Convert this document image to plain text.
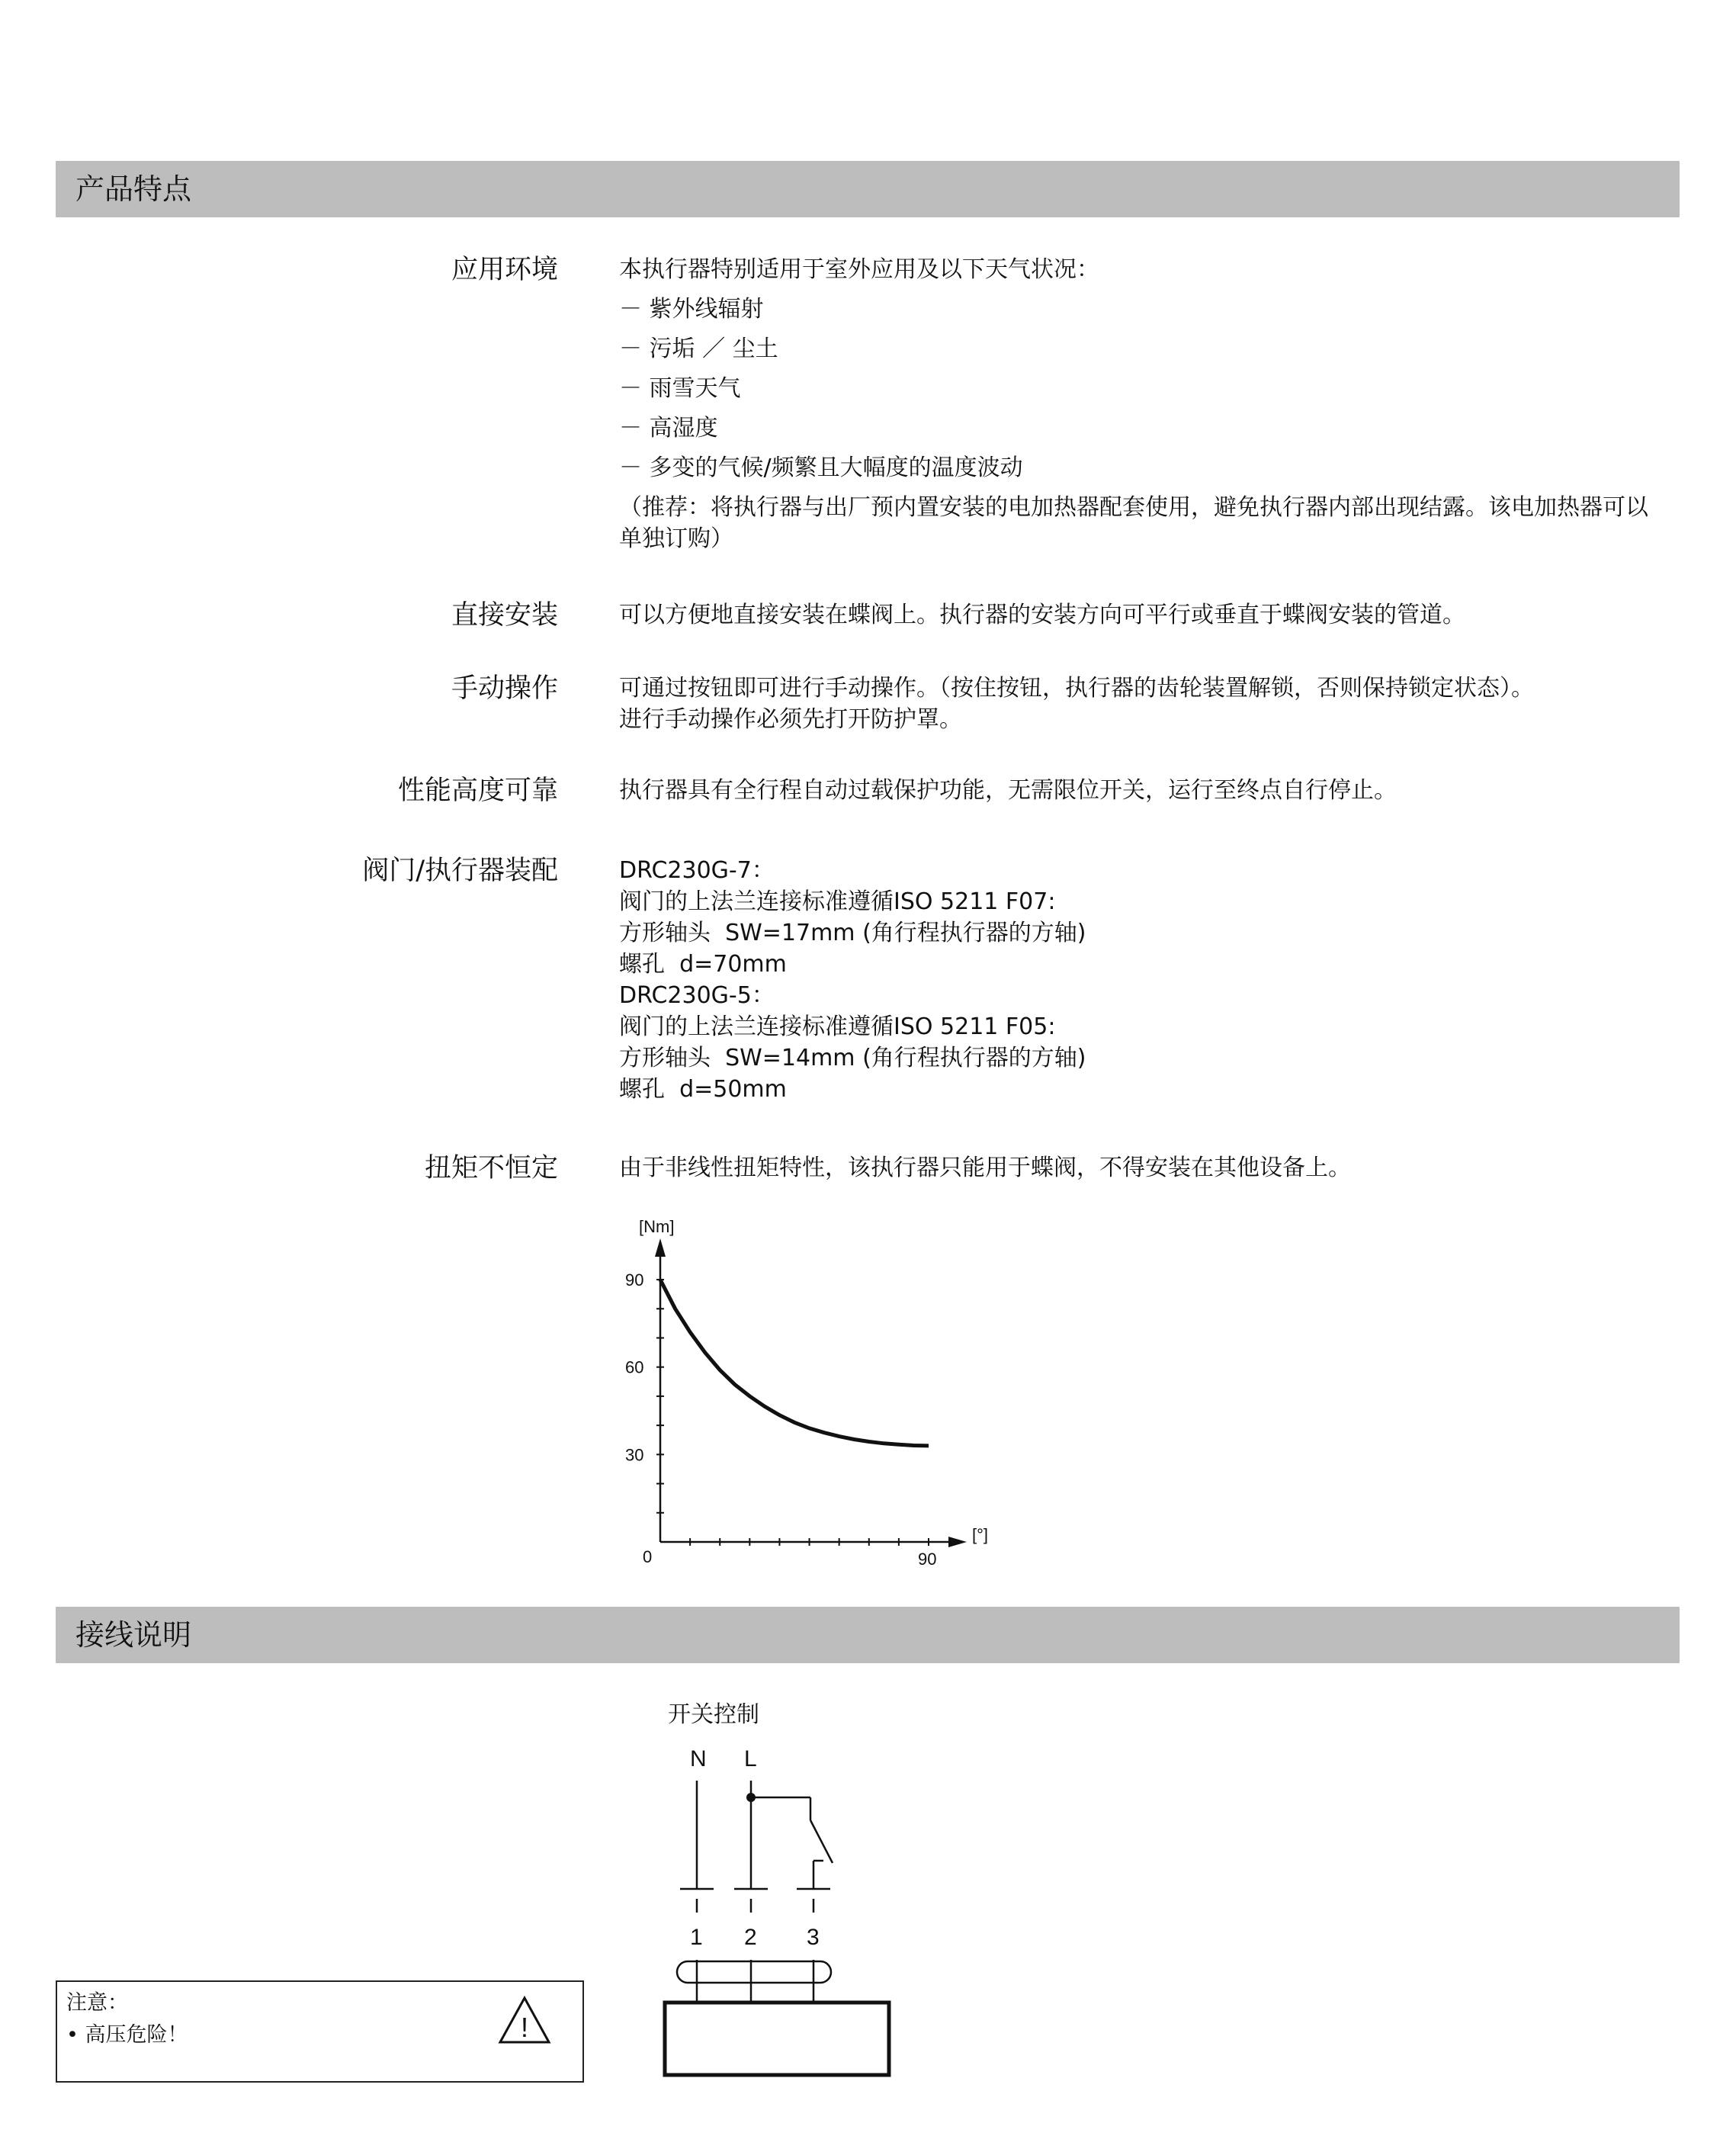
产品特点
应用环境	本执行器特别适用于室外应用及以下天气状况：
－ 紫外线辐射
－ 污垢 ／ 尘土
－ 雨雪天气
－ 高湿度
－ 多变的气候/频繁且大幅度的温度波动
（推荐：将执行器与出厂预内置安装的电加热器配套使用，避免执行器内部出现结露。该电加热器可以单独订购）
直接安装	可以方便地直接安装在蝶阀上。执行器的安装方向可平行或垂直于蝶阀安装的管道。
手动操作	可通过按钮即可进行手动操作。（按住按钮，执行器的齿轮装置解锁，否则保持锁定状态）。
进行手动操作必须先打开防护罩。
性能高度可靠	执行器具有全行程自动过载保护功能，无需限位开关，运行至终点自行停止。
阀门/执行器装配	DRC230G-7：
阀门的上法兰连接标准遵循ISO 5211 F07:
方形轴头  SW=17mm (角行程执行器的方轴)
螺孔  d=70mm
DRC230G-5：
阀门的上法兰连接标准遵循ISO 5211 F05:
方形轴头  SW=14mm (角行程执行器的方轴)
螺孔  d=50mm
扭矩不恒定	由于非线性扭矩特性，该执行器只能用于蝶阀，不得安装在其他设备上。
[Nm]
[°]
0
30
60
90
90
接线说明
开关控制
N L
1 2 3
注意：
• 高压危险！	!
